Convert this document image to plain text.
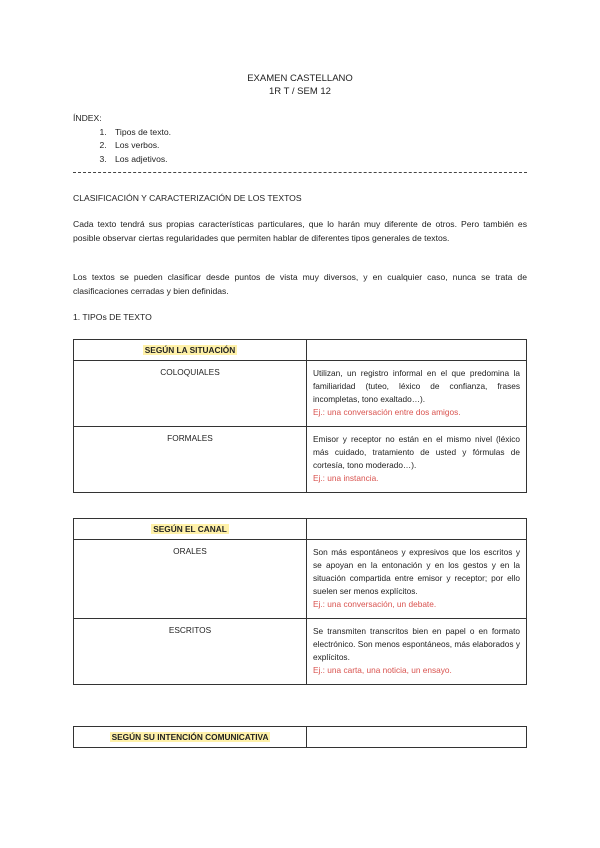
EXAMEN CASTELLANO
1R T / SEM 12
ÍNDEX:
1. Tipos de texto.
2. Los verbos.
3. Los adjetivos.
CLASIFICACIÓN Y CARACTERIZACIÓN DE LOS TEXTOS
Cada texto tendrá sus propias características particulares, que lo harán muy diferente de otros. Pero también es posible observar ciertas regularidades que permiten hablar de diferentes tipos generales de textos.
Los textos se pueden clasificar desde puntos de vista muy diversos, y en cualquier caso, nunca se trata de clasificaciones cerradas y bien definidas.
1. TIPOs DE TEXTO
SEGÚN LA SITUACIÓN	
COLOQUIALES	Utilizan, un registro informal en el que predomina la familiaridad (tuteo, léxico de confianza, frases incompletas, tono exaltado…).
Ej.: una conversación entre dos amigos.

FORMALES	Emisor y receptor no están en el mismo nivel (léxico más cuidado, tratamiento de usted y fórmulas de cortesía, tono moderado…).
Ej.: una instancia.
SEGÚN EL CANAL	
ORALES	Son más espontáneos y expresivos que los escritos y se apoyan en la entonación y en los gestos y en la situación compartida entre emisor y receptor; por ello suelen ser menos explícitos.
Ej.: una conversación, un debate.

ESCRITOS	Se transmiten transcritos bien en papel o en formato electrónico. Son menos espontáneos, más elaborados y explícitos.
Ej.: una carta, una noticia, un ensayo.
SEGÚN SU INTENCIÓN COMUNICATIVA	
